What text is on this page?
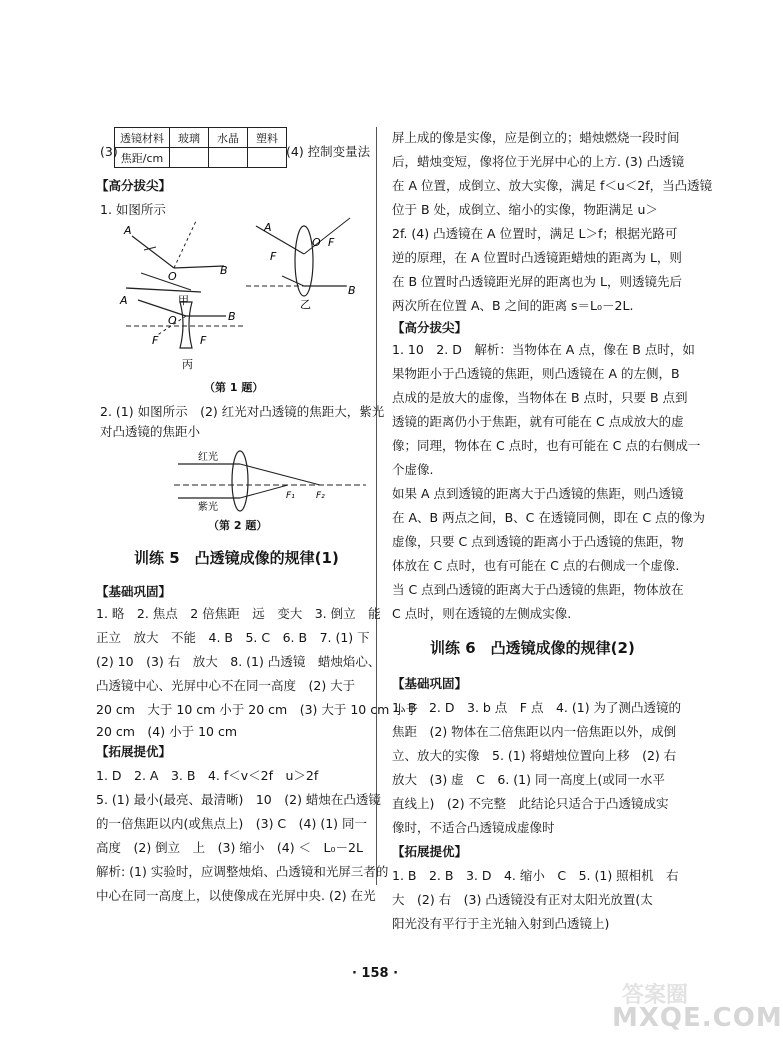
(3)	(4) 控制变量法
【高分拔尖】
1. 如图所示
A
O	B
甲
O F
A
F
B
乙
A
B
O
F	F
丙
（第 1 题）
2. (1) 如图所示　(2) 红光对凸透镜的焦距大，紫光
对凸透镜的焦距小
红光
紫光
F₁ F₂
（第 2 题）
训练 5　凸透镜成像的规律(1)
【基础巩固】
1. 略　2. 焦点　2 倍焦距　远　变大　3. 倒立　能
正立　放大　不能　4. B　5. C　6. B　7. (1) 下
(2) 10　(3) 右　放大　8. (1) 凸透镜　蜡烛焰心、
凸透镜中心、光屏中心不在同一高度　(2) 大于
20 cm　大于 10 cm 小于 20 cm　(3) 大于 10 cm 小于
20 cm　(4) 小于 10 cm
【拓展提优】
1. D　2. A　3. B　4. f＜v＜2f　u＞2f
5. (1) 最小(最亮、最清晰)　10　(2) 蜡烛在凸透镜
的一倍焦距以内(或焦点上)　(3) C　(4) (1) 同一
高度　(2) 倒立　上　(3) 缩小　(4) ＜　L₀－2L
解析: (1) 实验时，应调整烛焰、凸透镜和光屏三者的
中心在同一高度上，以使像成在光屏中央. (2) 在光
透镜材料	玻璃	水晶	塑料
焦距/cm			
屏上成的像是实像，应是倒立的；蜡烛燃烧一段时间
后，蜡烛变短，像将位于光屏中心的上方. (3) 凸透镜
在 A 位置，成倒立、放大实像，满足 f＜u＜2f，当凸透镜
位于 B 处，成倒立、缩小的实像，物距满足 u＞
2f. (4) 凸透镜在 A 位置时，满足 L＞f；根据光路可
逆的原理，在 A 位置时凸透镜距蜡烛的距离为 L，则
在 B 位置时凸透镜距光屏的距离也为 L，则透镜先后
两次所在位置 A、B 之间的距离 s＝L₀－2L.
【高分拔尖】
1. 10　2. D　解析：当物体在 A 点，像在 B 点时，如
果物距小于凸透镜的焦距，则凸透镜在 A 的左侧，B
点成的是放大的虚像，当物体在 B 点时，只要 B 点到
透镜的距离仍小于焦距，就有可能在 C 点成放大的虚
像；同理，物体在 C 点时，也有可能在 C 点的右侧成一
个虚像.
如果 A 点到透镜的距离大于凸透镜的焦距，则凸透镜
在 A、B 两点之间，B、C 在透镜同侧，即在 C 点的像为
虚像，只要 C 点到透镜的距离小于凸透镜的焦距，物
体放在 C 点时，也有可能在 C 点的右侧成一个虚像.
当 C 点到凸透镜的距离大于凸透镜的焦距，物体放在
C 点时，则在透镜的左侧成实像.
训练 6　凸透镜成像的规律(2)
【基础巩固】
1. B　2. D　3. b 点　F 点　4. (1) 为了测凸透镜的
焦距　(2) 物体在二倍焦距以内一倍焦距以外，成倒
立、放大的实像　5. (1) 将蜡烛位置向上移　(2) 右
放大　(3) 虚　C　6. (1) 同一高度上(或同一水平
直线上)　(2) 不完整　此结论只适合于凸透镜成实
像时，不适合凸透镜成虚像时
【拓展提优】
1. B　2. B　3. D　4. 缩小　C　5. (1) 照相机　右
大　(2) 右　(3) 凸透镜没有正对太阳光放置(太
阳光没有平行于主光轴入射到凸透镜上)
· 158 ·
答案圈
MXQE.COM
